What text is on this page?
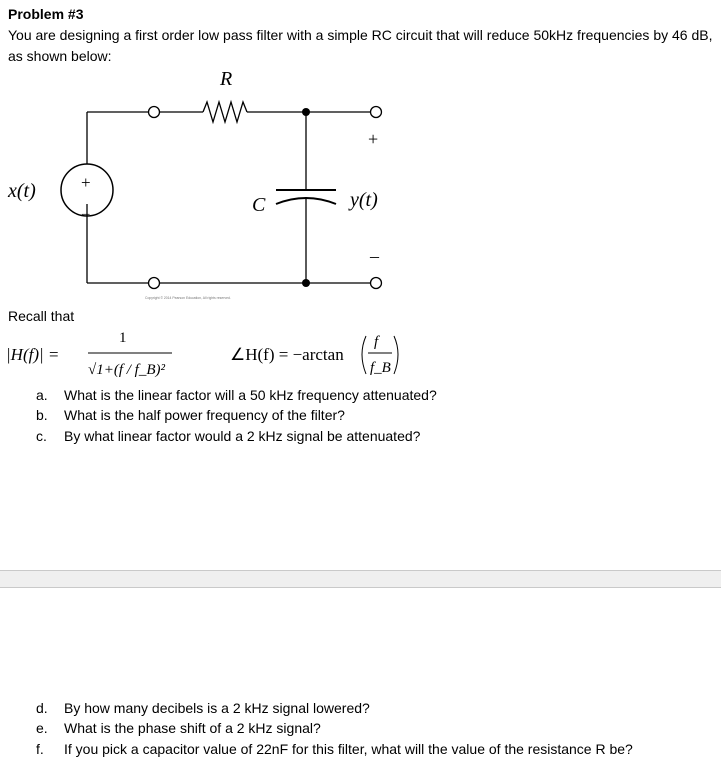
Problem #3
You are designing a first order low pass filter with a simple RC circuit that will reduce 50kHz frequencies by 46 dB, as shown below:
R
C
x(t)	y(t)
+
–
+
–
Copyright © 2014 Pearson Education, All rights reserved.
Recall that
|H(f)| =
1
√1+(f / f_B)²
∠H(f) = −arctan
f
f_B
a. What is the linear factor will a 50 kHz frequency attenuated?
b. What is the half power frequency of the filter?
c. By what linear factor would a 2 kHz signal be attenuated?
d. By how many decibels is a 2 kHz signal lowered?
e. What is the phase shift of a 2 kHz signal?
f. If you pick a capacitor value of 22nF for this filter, what will the value of the resistance R be?
